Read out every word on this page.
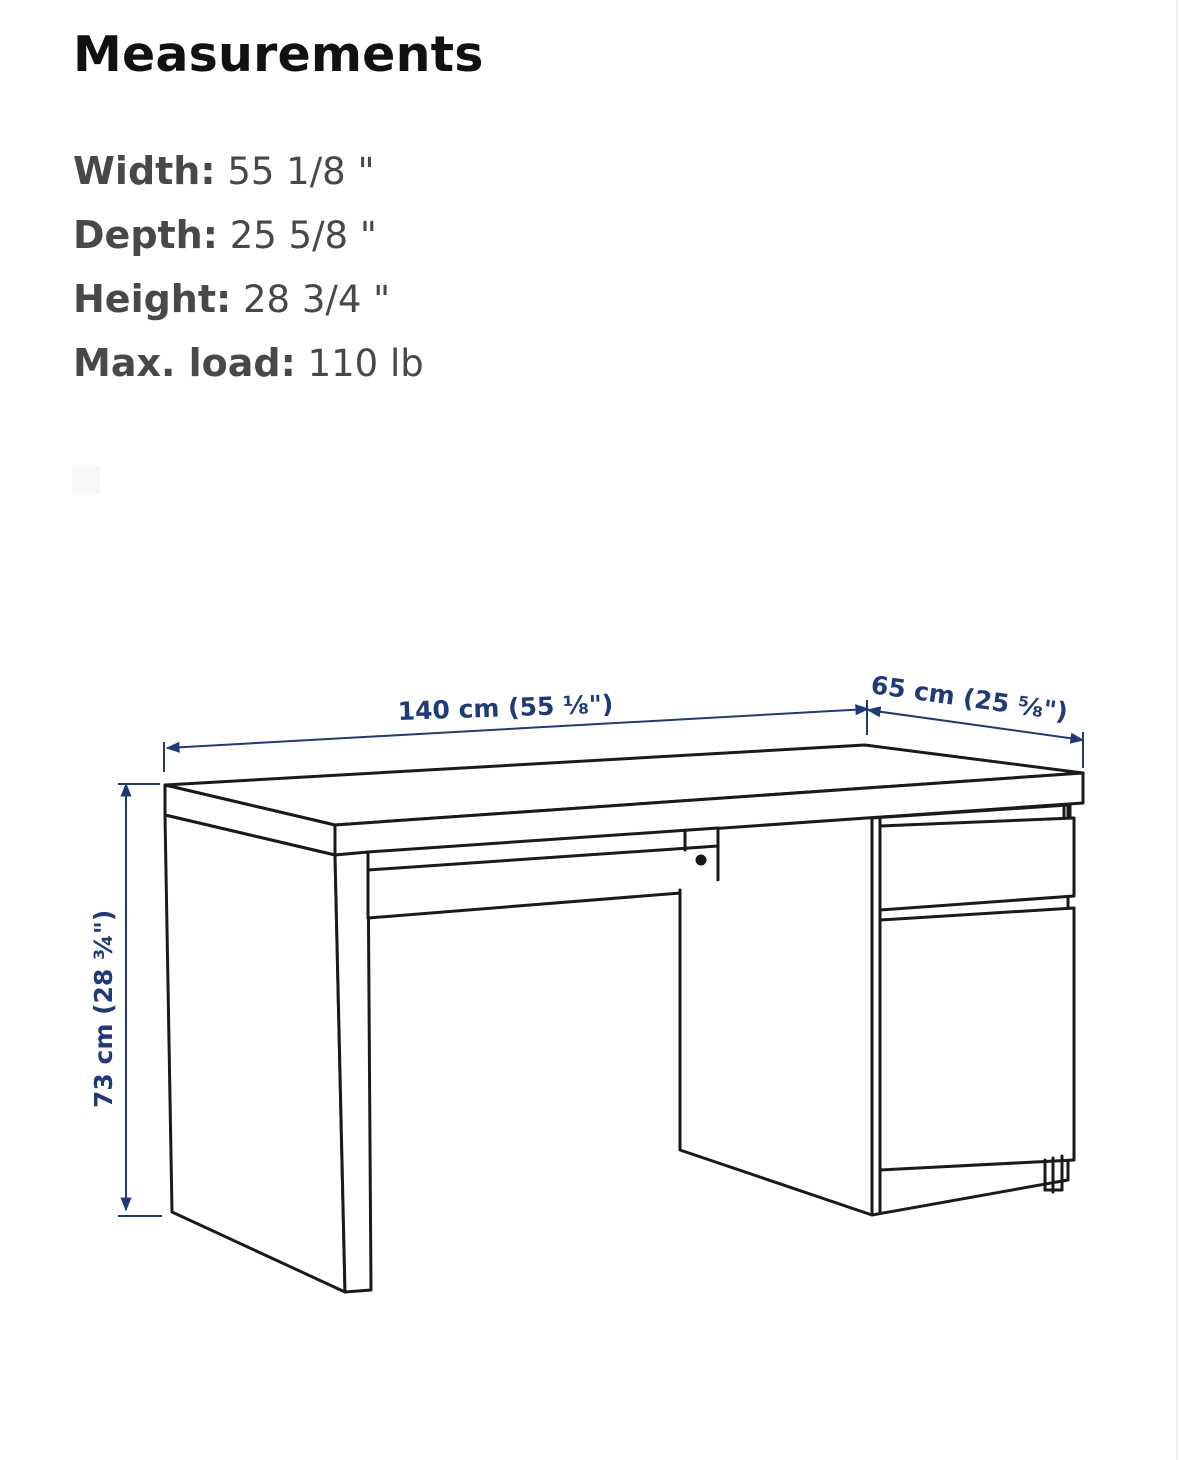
Measurements
Width: 55 1/8 "
Depth: 25 5/8 "
Height: 28 3/4 "
Max. load: 110 lb
140 cm (55 ⅛")	65 cm (25 ⅝")
73 cm (28 ¾")
